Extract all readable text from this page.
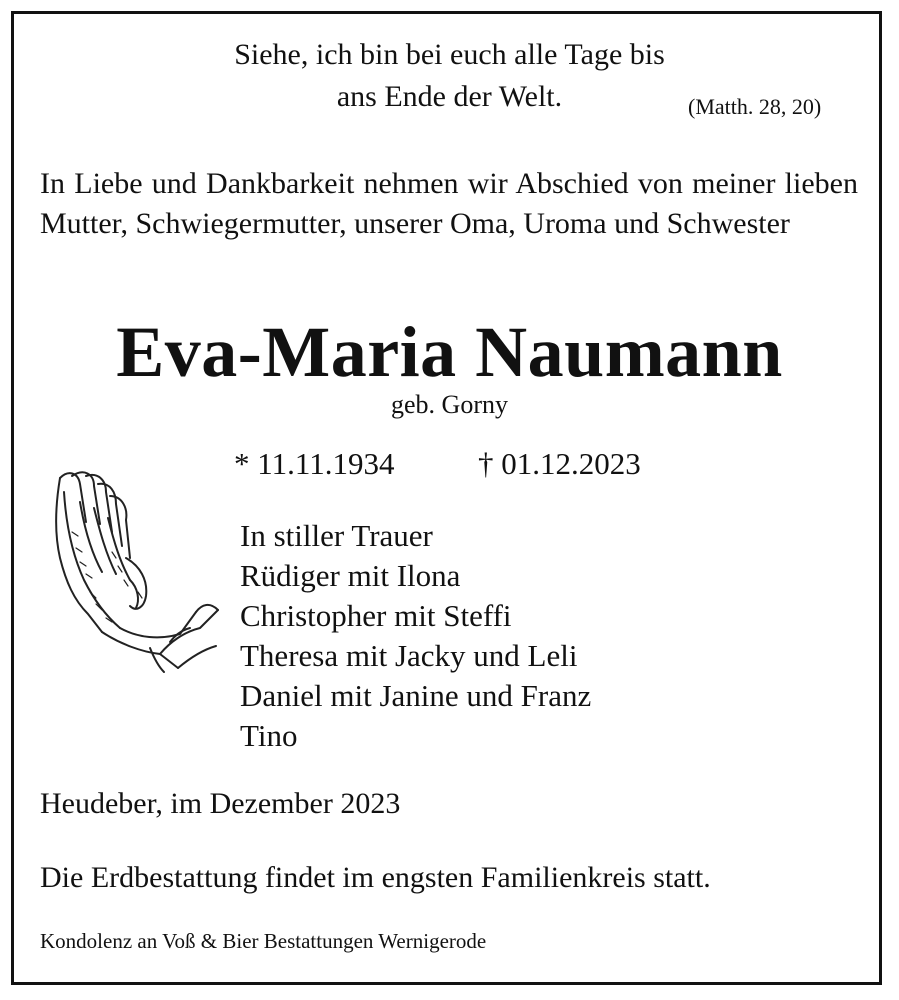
Siehe, ich bin bei euch alle Tage bis
ans Ende der Welt.	(Matth. 28, 20)
In Liebe und Dankbarkeit nehmen wir Abschied von meiner lieben Mutter, Schwiegermutter, unserer Oma, Uroma und Schwester
Eva-Maria Naumann
geb. Gorny
* 11.11.1934	† 01.12.2023
In stiller Trauer
Rüdiger mit Ilona
Christopher mit Steffi
Theresa mit Jacky und Leli
Daniel mit Janine und Franz
Tino
Heudeber, im Dezember 2023
Die Erdbestattung findet im engsten Familienkreis statt.
Kondolenz an Voß & Bier Bestattungen Wernigerode
